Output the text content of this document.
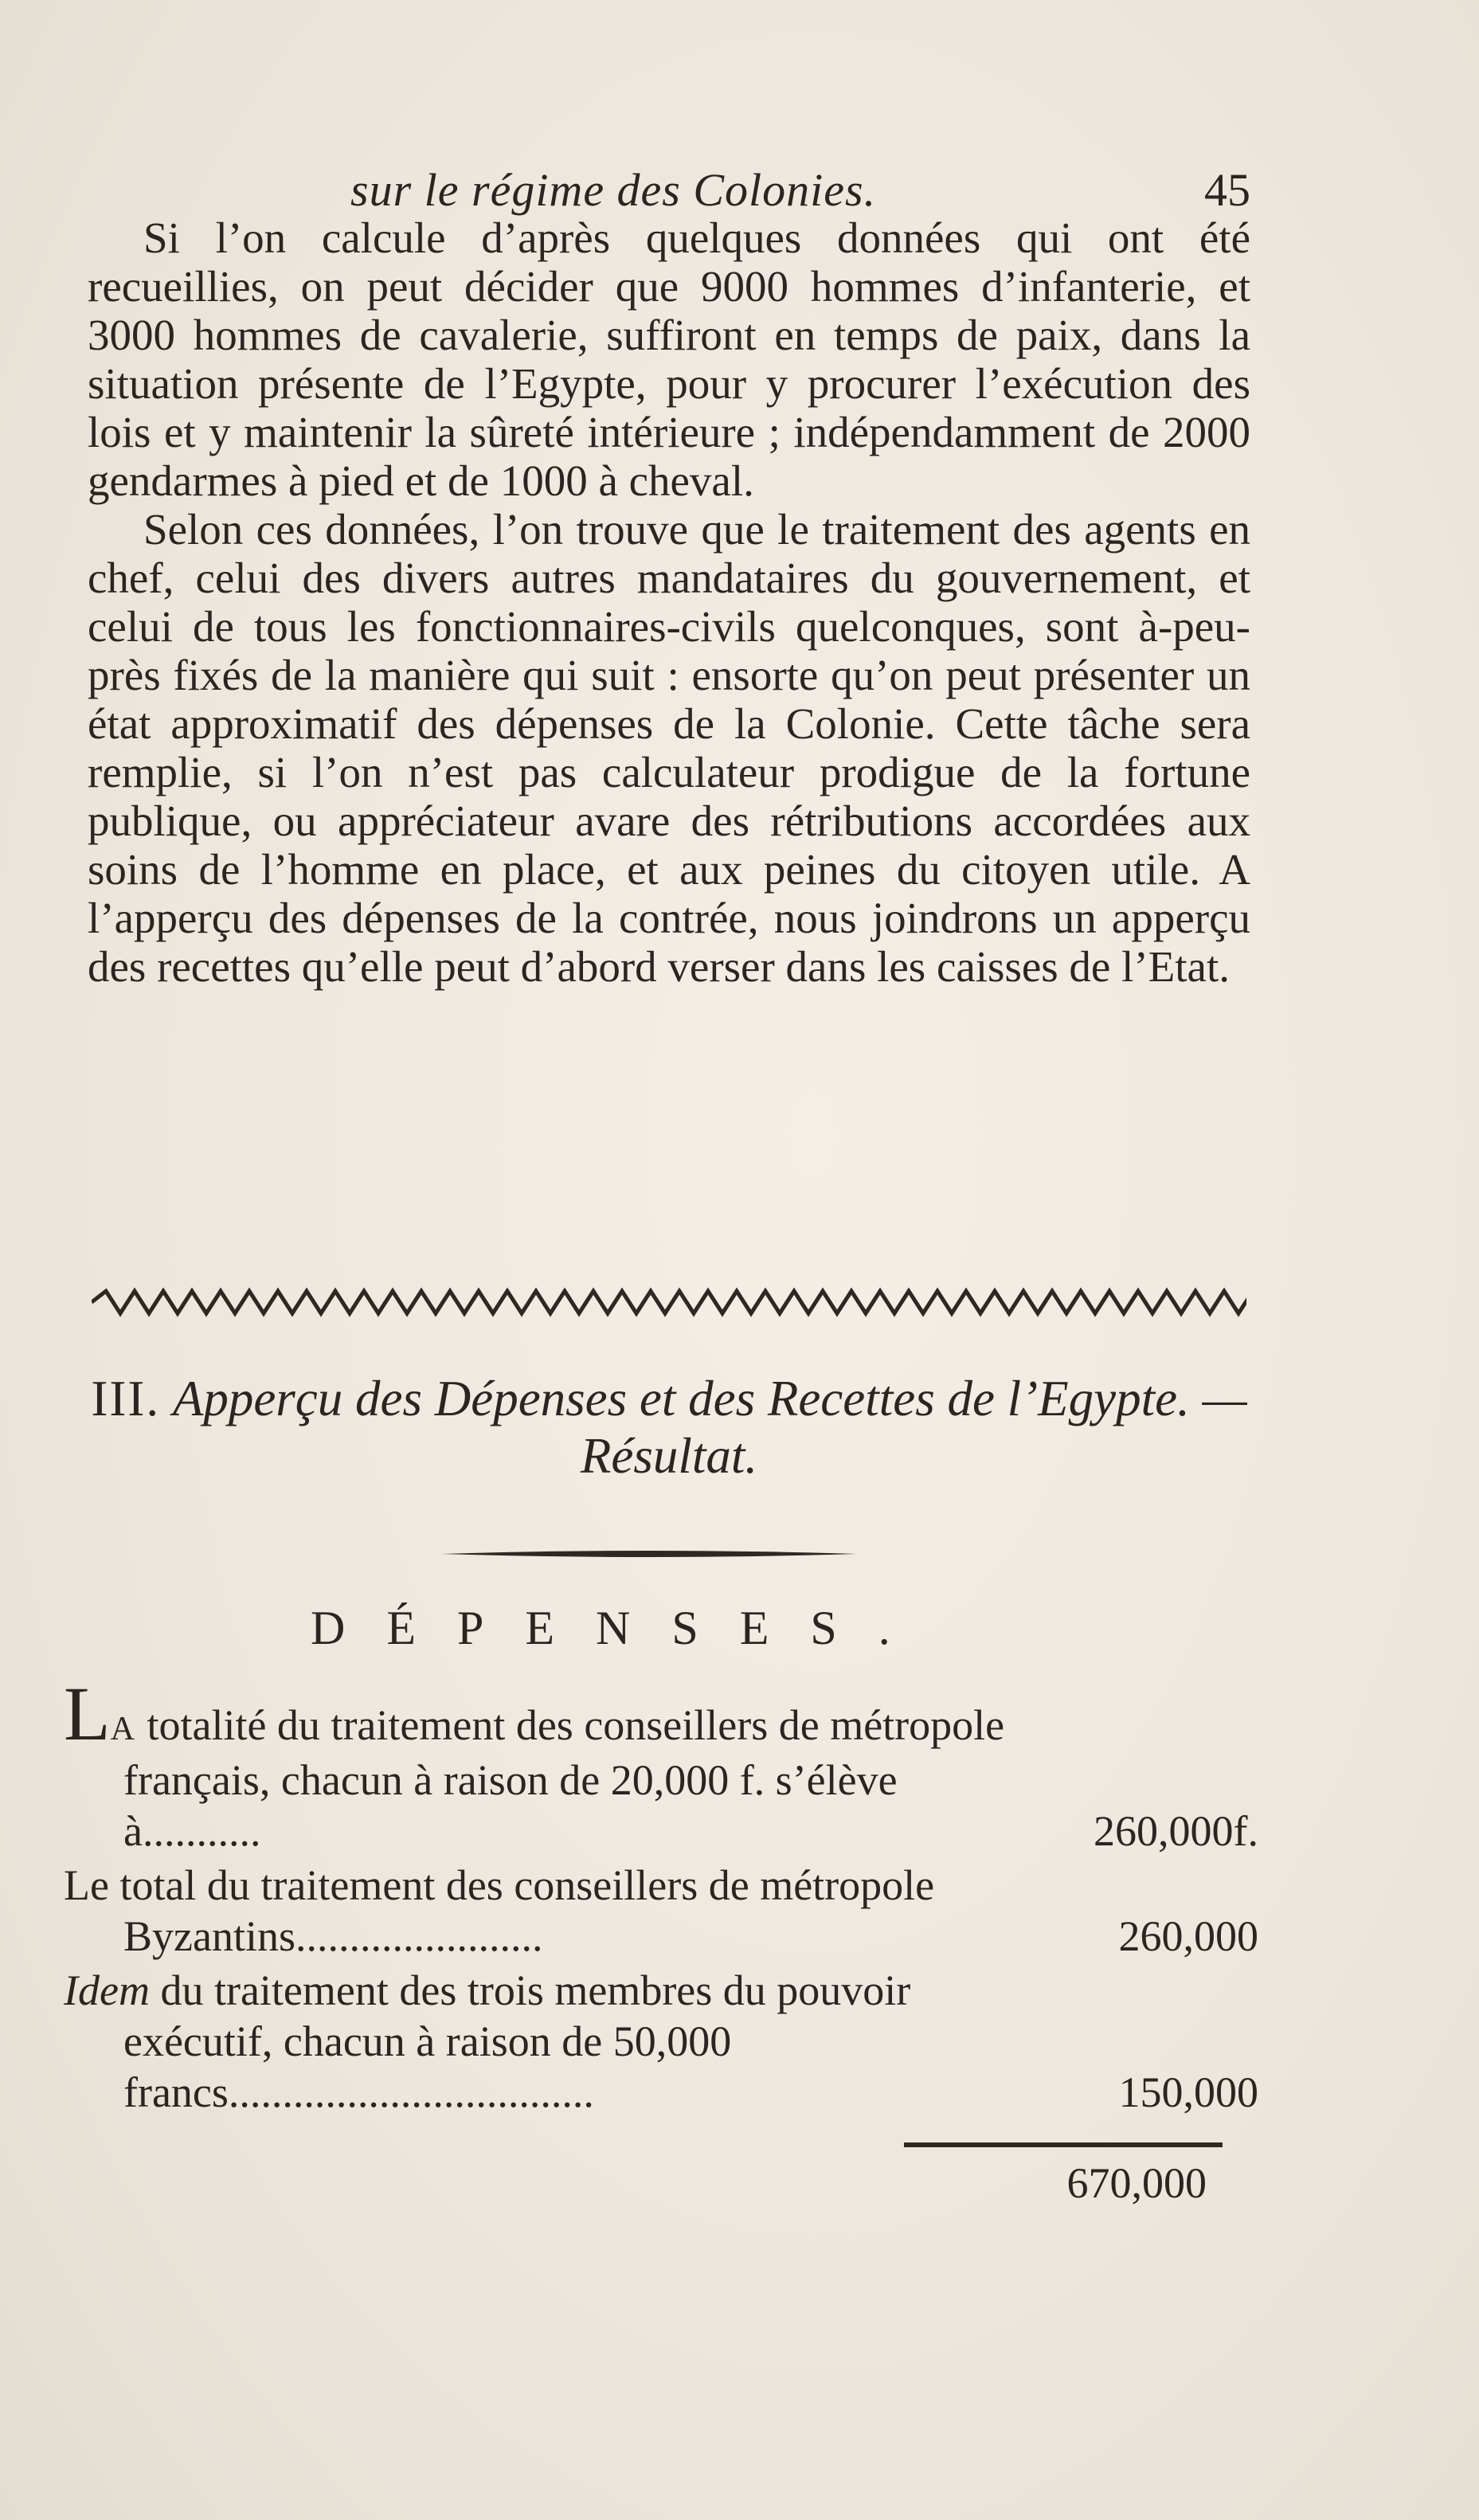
sur le régime des Colonies.	45

Si l’on calcule d’après quelques données qui ont été recueillies, on peut décider que 9000 hommes d’infanterie, et 3000 hommes de cavalerie, suffiront en temps de paix, dans la situation présente de l’Egypte, pour y procurer l’exécution des lois et y maintenir la sûreté intérieure ; indépendamment de 2000 gendarmes à pied et de 1000 à cheval.

Selon ces données, l’on trouve que le traitement des agents en chef, celui des divers autres mandataires du gouvernement, et celui de tous les fonctionnaires-civils quelconques, sont à-peu-près fixés de la manière qui suit : ensorte qu’on peut présenter un état approximatif des dépenses de la Colonie. Cette tâche sera remplie, si l’on n’est pas calculateur prodigue de la fortune publique, ou appréciateur avare des rétributions accordées aux soins de l’homme en place, et aux peines du citoyen utile. A l’apperçu des dépenses de la contrée, nous joindrons un apperçu des recettes qu’elle peut d’abord verser dans les caisses de l’Etat.

III. Apperçu des Dépenses et des Recettes de l’Egypte. — Résultat.
DÉPENSES.
LA totalité du traitement des conseillers de métropole français, chacun à raison de 20,000 f. s’élève à...........	260,000f.
Le total du traitement des conseillers de métropole Byzantins.......................	260,000
Idem du traitement des trois membres du pouvoir exécutif, chacun à raison de 50,000 francs..................................	150,000
670,000
